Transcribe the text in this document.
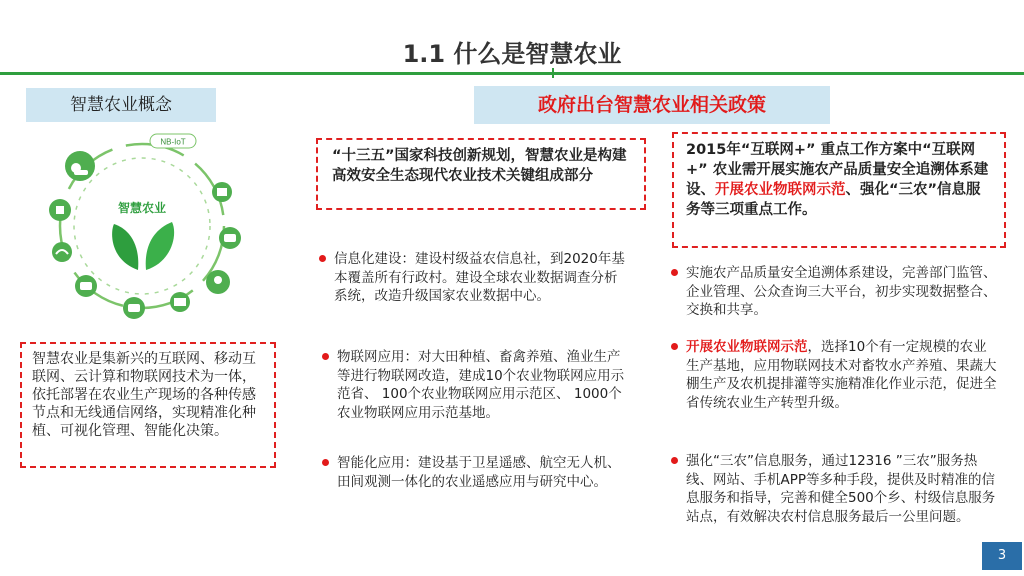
1.1 什么是智慧农业
智慧农业概念	政府出台智慧农业相关政策
NB-IoT
智慧农业
智慧农业是集新兴的互联网、移动互联网、云计算和物联网技术为一体，依托部署在农业生产现场的各种传感节点和无线通信网络，实现精准化种植、可视化管理、智能化决策。
“十三五”国家科技创新规划，智慧农业是构建高效安全生态现代农业技术关键组成部分
2015年“互联网+” 重点工作方案中“互联网+” 农业需开展实施农产品质量安全追溯体系建设、开展农业物联网示范、强化“三农”信息服务等三项重点工作。
信息化建设：建设村级益农信息社，到2020年基本覆盖所有行政村。建设全球农业数据调查分析系统，改造升级国家农业数据中心。
物联网应用：对大田种植、畜禽养殖、渔业生产等进行物联网改造，建成10个农业物联网应用示范省、 100个农业物联网应用示范区、 1000个农业物联网应用示范基地。
智能化应用：建设基于卫星遥感、航空无人机、田间观测一体化的农业遥感应用与研究中心。
实施农产品质量安全追溯体系建设，完善部门监管、企业管理、公众查询三大平台，初步实现数据整合、交换和共享。
开展农业物联网示范，选择10个有一定规模的农业生产基地，应用物联网技术对畜牧水产养殖、果蔬大棚生产及农机提排灌等实施精准化作业示范，促进全省传统农业生产转型升级。
强化“三农”信息服务，通过12316 ”三农”服务热线、网站、手机APP等多种手段，提供及时精准的信息服务和指导，完善和健全500个乡、村级信息服务站点，有效解决农村信息服务最后一公里问题。
3
